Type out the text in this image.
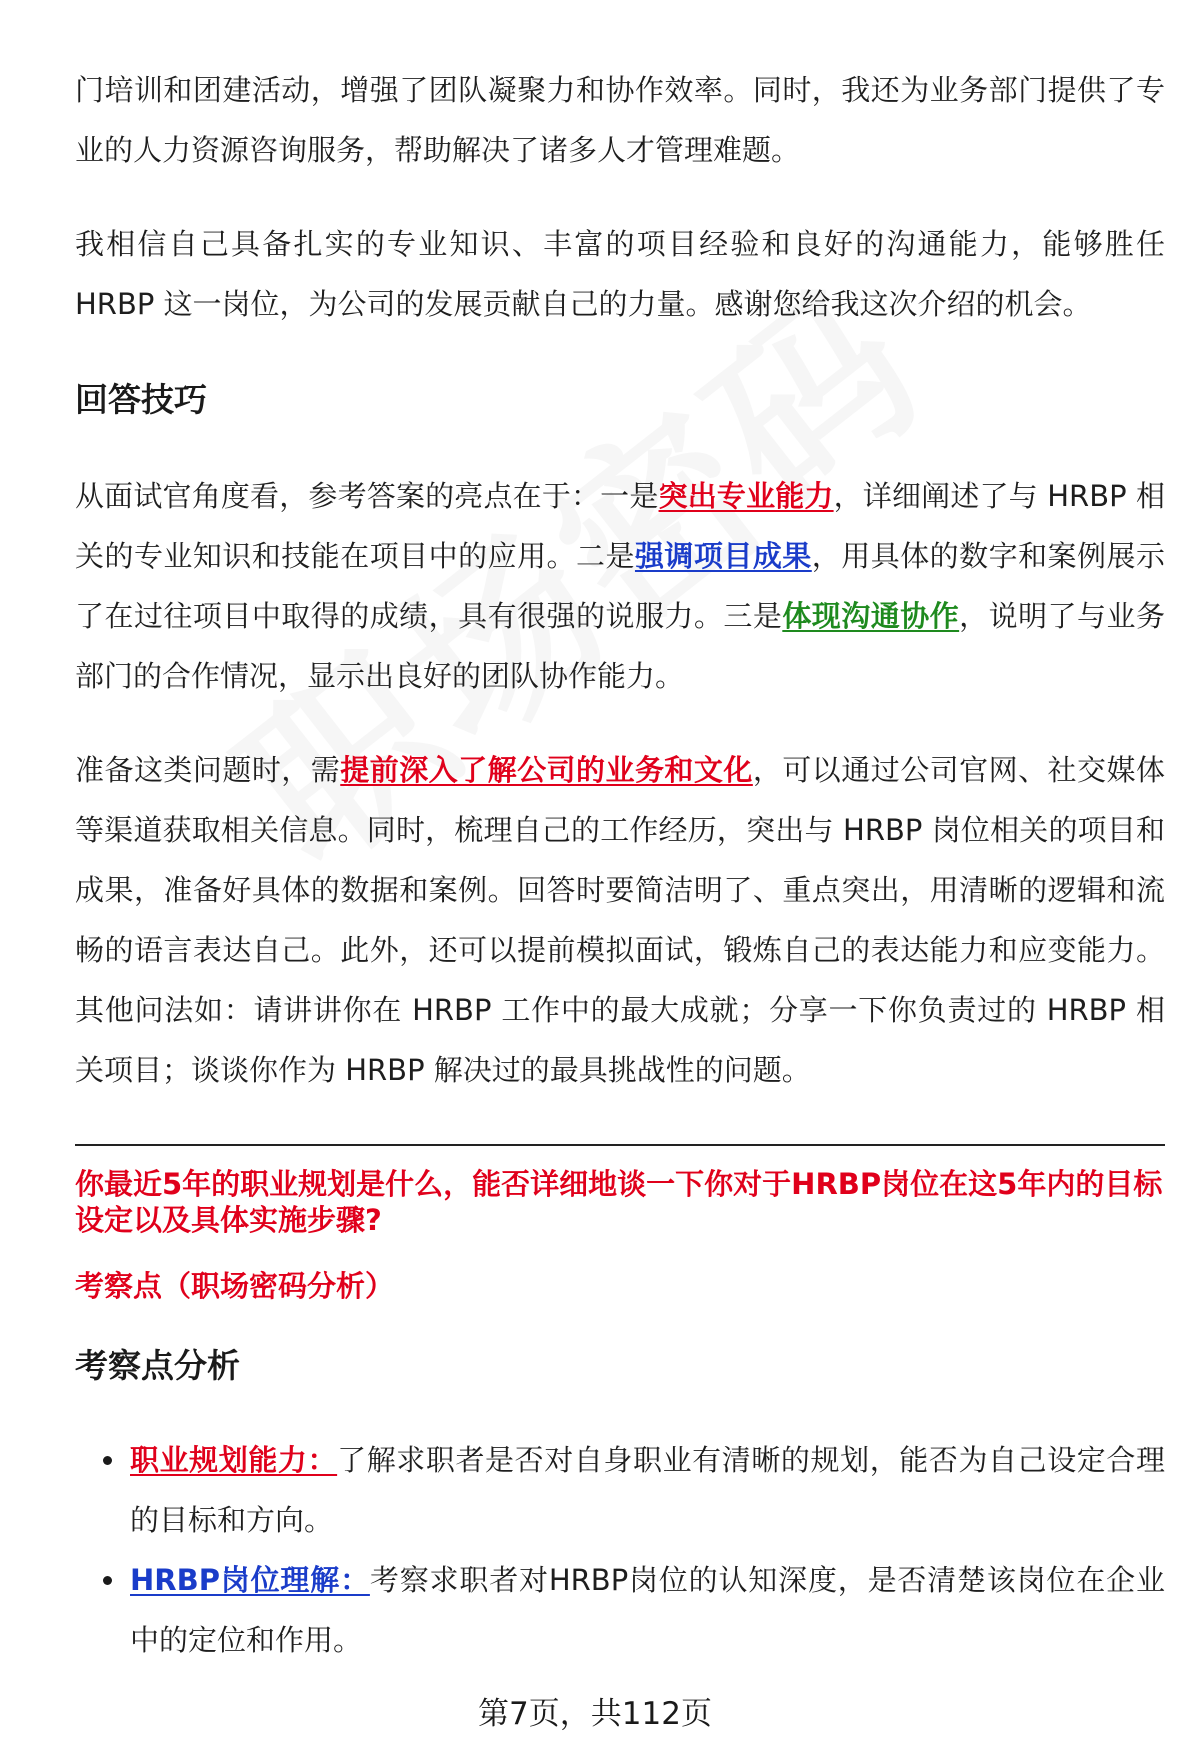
门培训和团建活动，增强了团队凝聚力和协作效率。同时，我还为业务部门提供了专业的人力资源咨询服务，帮助解决了诸多人才管理难题。

我相信自己具备扎实的专业知识、丰富的项目经验和良好的沟通能力，能够胜任 HRBP 这一岗位，为公司的发展贡献自己的力量。感谢您给我这次介绍的机会。

回答技巧

从面试官角度看，参考答案的亮点在于：一是突出专业能力，详细阐述了与 HRBP 相关的专业知识和技能在项目中的应用。二是强调项目成果，用具体的数字和案例展示了在过往项目中取得的成绩，具有很强的说服力。三是体现沟通协作，说明了与业务部门的合作情况，显示出良好的团队协作能力。

准备这类问题时，需提前深入了解公司的业务和文化，可以通过公司官网、社交媒体等渠道获取相关信息。同时，梳理自己的工作经历，突出与 HRBP 岗位相关的项目和成果，准备好具体的数据和案例。回答时要简洁明了、重点突出，用清晰的逻辑和流畅的语言表达自己。此外，还可以提前模拟面试，锻炼自己的表达能力和应变能力。其他问法如：请讲讲你在 HRBP 工作中的最大成就；分享一下你负责过的 HRBP 相关项目；谈谈你作为 HRBP 解决过的最具挑战性的问题。

你最近5年的职业规划是什么，能否详细地谈一下你对于HRBP岗位在这5年内的目标设定以及具体实施步骤?

考察点（职场密码分析）

考察点分析
职业规划能力：了解求职者是否对自身职业有清晰的规划，能否为自己设定合理的目标和方向。
HRBP岗位理解：考察求职者对HRBP岗位的认知深度，是否清楚该岗位在企业中的定位和作用。
第7页，共112页
